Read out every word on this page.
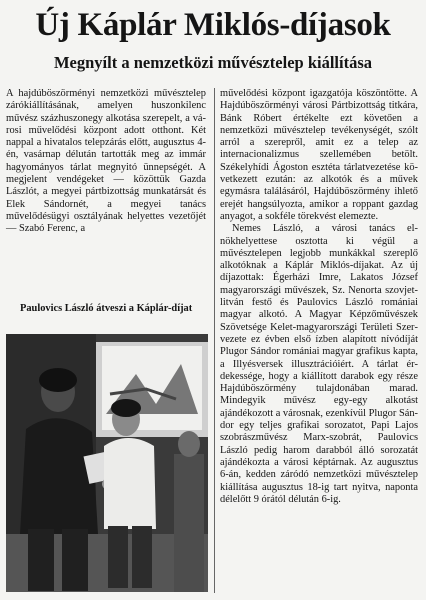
Új Káplár Miklós-díjasok
Megnyílt a nemzetközi művésztelep kiállítása

A hajdúböszörményi nemzetközi művésztelep zárókiállításának, amelyen huszonkilenc művész százhuszonegy alkotása szerepelt, a városi művelődési központ adott otthont. Két nappal a hivatalos telepzárás előtt, augusztus 4-én, vasárnap délután tartották meg az immár hagyományos tárlat megnyitó ünnepségét. A megjelent vendégeket — közöttük Gazda Lászlót, a megyei pártbizottság munkatársát és Elek Sándornét, a megyei tanács művelődésügyi osztályának helyettes vezetőjét — Szabó Ferenc, a

Paulovics László átveszi a Káplár-díjat

művelődési központ igazgatója köszöntötte. A Hajdúböszörményi városi Pártbizottság titkára, Bánk Róbert értékelte ezt követően a nemzetközi művésztelep tevékenységét, szólt arról a szerepről, amit ez a telep az internacionalizmus szellemében betölt. Székelyhídi Ágoston esztéta tárlatvezetése következett ezután: az alkotók és a művek egymásra találásáról, Hajdúböszörmény ihlető erejét hangsúlyozta, amikor a roppant gazdag anyagot, a sokféle törekvést elemezte.

Nemes László, a városi tanács elnökhelyettese osztotta ki végül a művésztelepen legjobb munkákkal szereplő alkotóknak a Káplár Miklós-díjakat. Az új díjazottak: Égerházi Imre, Lakatos József magyarországi művészek, Sz. Nenorta szovjet-litván festő és Paulovics László romániai magyar alkotó. A Magyar Képzőművészek Szövetsége Kelet-magyarországi Területi Szervezete ez évben első ízben alapított nívódíját Plugor Sándor romániai magyar grafikus kapta, a Illyésversek illusztrációiért. A tárlat érdekessége, hogy a kiállított darabok egy része Hajdúböszörmény tulajdonában marad. Mindegyik művész egy-egy alkotást ajándékozott a városnak, ezenkívül Plugor Sándor egy teljes grafikai sorozatot, Papi Lajos szobrászművész Marx-szobrát, Paulovics László pedig harom darabból álló sorozatát ajándékozta a városi képtárnak. Az augusztus 6-án, kedden záródó nemzetközi művésztelep kiállítása augusztus 18-ig tart nyitva, naponta délelőtt 9 órától délután 6-ig.
